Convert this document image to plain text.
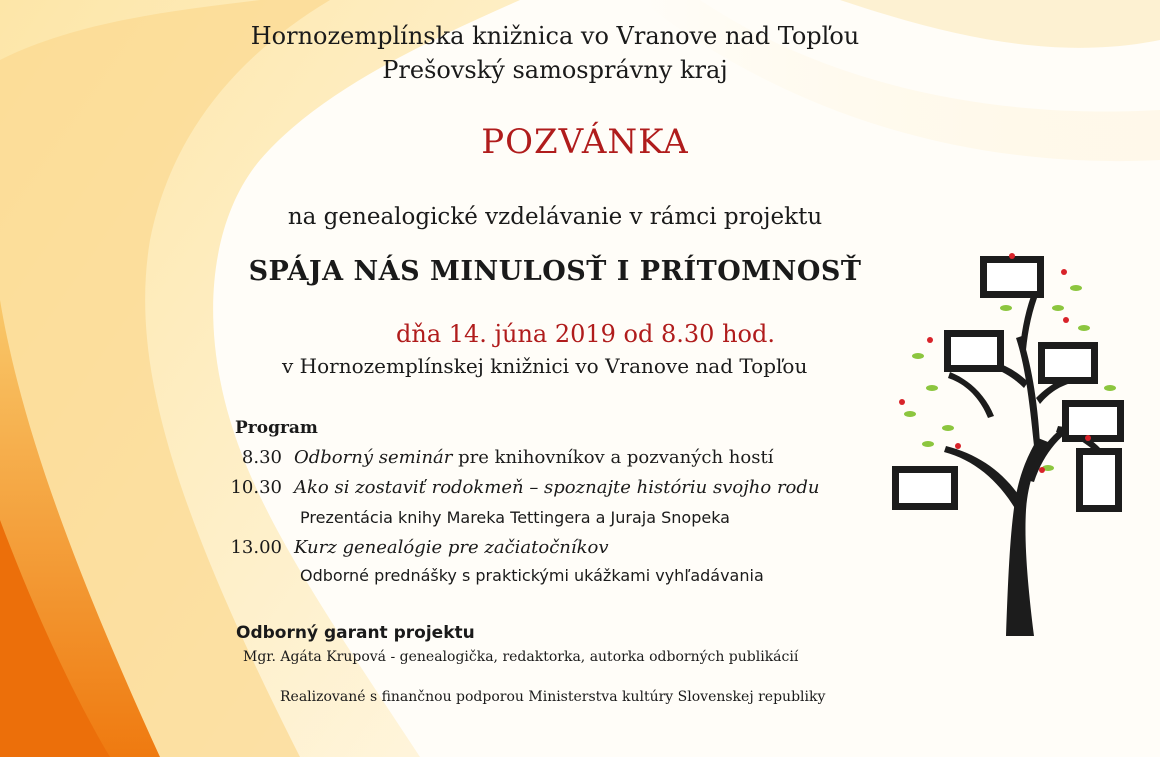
Hornozemplínska knižnica vo Vranove nad Topľou
Prešovský samosprávny kraj
POZVÁNKA
na genealogické vzdelávanie v rámci projektu
SPÁJA NÁS MINULOSŤ I PRÍTOMNOSŤ
dňa 14. júna 2019 od 8.30 hod.
v Hornozemplínskej knižnici vo Vranove nad Topľou
Program
8.30 Odborný seminár pre knihovníkov a pozvaných hostí
10.30 Ako si zostaviť rodokmeň – spoznajte históriu svojho rodu
Prezentácia knihy Mareka Tettingera a Juraja Snopeka
13.00 Kurz genealógie pre začiatočníkov
Odborné prednášky s praktickými ukážkami vyhľadávania
Odborný garant projektu
Mgr. Agáta Krupová - genealogička, redaktorka, autorka odborných publikácií
Realizované s finančnou podporou Ministerstva kultúry Slovenskej republiky
